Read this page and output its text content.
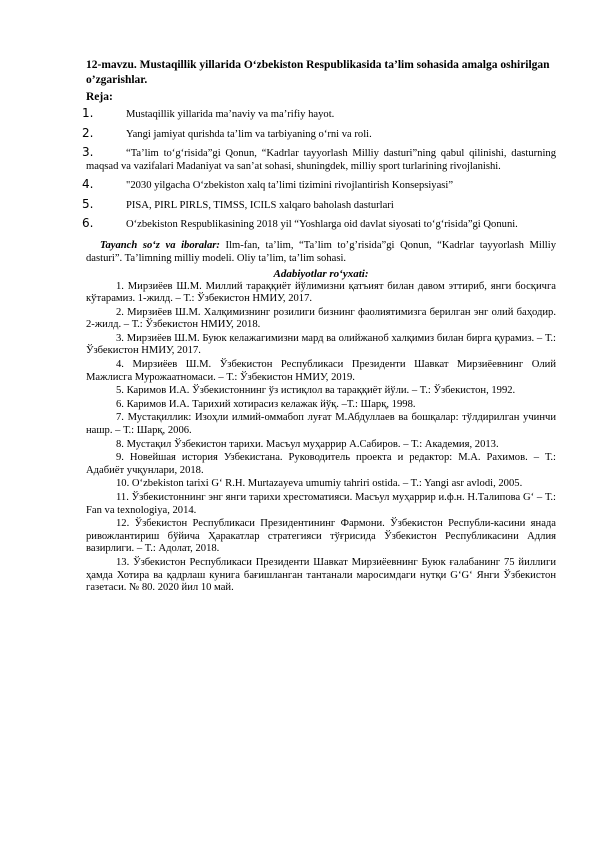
12-mavzu. Mustaqillik yillarida O‘zbekiston Respublikasida ta’lim sohasida amalga oshirilgan o’zgarishlar.

Reja:

1.	Mustaqillik yillarida ma’naviy va ma’rifiy hayot.
2.	Yangi jamiyat qurishda ta’lim va tarbiyaning o‘rni va roli.
3.	“Ta’lim to‘g‘risida”gi Qonun, “Kadrlar tayyorlash Milliy dasturi”ning qabul qilinishi, dasturning maqsad va vazifalari Madaniyat va san’at sohasi, shuningdek, milliy sport turlarining rivojlanishi.
4.	"2030 yilgacha O‘zbekiston xalq ta’limi tizimini rivojlantirish Konsepsiyasi”
5.	PISA, PIRL PIRLS, TIMSS, ICILS xalqaro baholash dasturlari
6.	O‘zbekiston Respublikasining 2018 yil “Yoshlarga oid davlat siyosati to‘g‘risida”gi Qonuni.

Tayanch so‘z va iboralar: Ilm-fan, ta’lim, “Ta’lim to’g’risida”gi Qonun, “Kadrlar tayyorlash Milliy dasturi”. Ta’limning milliy modeli. Oliy ta’lim, ta’lim sohasi.

Adabiyotlar ro‘yxati:

1. Мирзиёев Ш.М. Миллий тараққиёт йўлимизни қатъият билан давом эттириб, янги босқичга кўтарамиз. 1-жилд. – Т.: Ўзбекистон НМИУ, 2017.
2. Мирзиёев Ш.М. Халқимизнинг розилиги бизнинг фаолиятимизга берилган энг олий баҳодир. 2-жилд. – Т.: Ўзбекистон НМИУ, 2018.
3. Мирзиёев Ш.М. Буюк келажагимизни мард ва олийжаноб халқимиз билан бирга қурамиз. – Т.: Ўзбекистон НМИУ, 2017.
4. Мирзиёев Ш.М. Ўзбекистон Республикаси Президенти Шавкат Мирзиёевнинг Олий Мажлисга Мурожаатномаси. – Т.: Ўзбекистон НМИУ, 2019.
5. Каримов И.А. Ўзбекистоннинг ўз истиқлол ва тараққиёт йўли. – Т.: Ўзбекистон, 1992.
6. Каримов И.А. Тарихий хотирасиз келажак йўқ. –Т.: Шарқ, 1998.
7. Мустақиллик: Изоҳли илмий-оммабоп луғат М.Абдуллаев ва бошқалар: тўлдирилган учинчи нашр. – Т.: Шарқ, 2006.
8. Мустақил Ўзбекистон тарихи. Масъул муҳаррир А.Сабиров. – Т.: Академия, 2013.
9. Новейшая история Узбекистана. Руководитель проекта и редактор: М.А. Рахимов. – Т.: Адабиёт учқунлари, 2018.
10. O‘zbekiston tarixi G‘ R.H. Murtazayeva umumiy tahriri ostida. – T.: Yangi asr avlodi, 2005.
11. Ўзбекистоннинг энг янги тарихи хрестоматияси. Масъул муҳаррир и.ф.н. Н.Талипова G‘ – Т.: Fan va texnologiya, 2014.
12. Ўзбекистон Республикаси Президентининг Фармони. Ўзбекистон Республи-касини янада ривожлантириш бўйича Ҳаракатлар стратегияси тўғрисида Ўзбекистон Республикасини Адлия вазирлиги. – Т.: Адолат, 2018.
13. Ўзбекистон Республикаси Президенти Шавкат Мирзиёевнинг Буюк ғалабанинг 75 йиллиги ҳамда Хотира ва қадрлаш кунига бағишланган тантанали маросимдаги нутқи G‘G‘ Янги Ўзбекистон газетаси. № 80. 2020 йил 10 май.
